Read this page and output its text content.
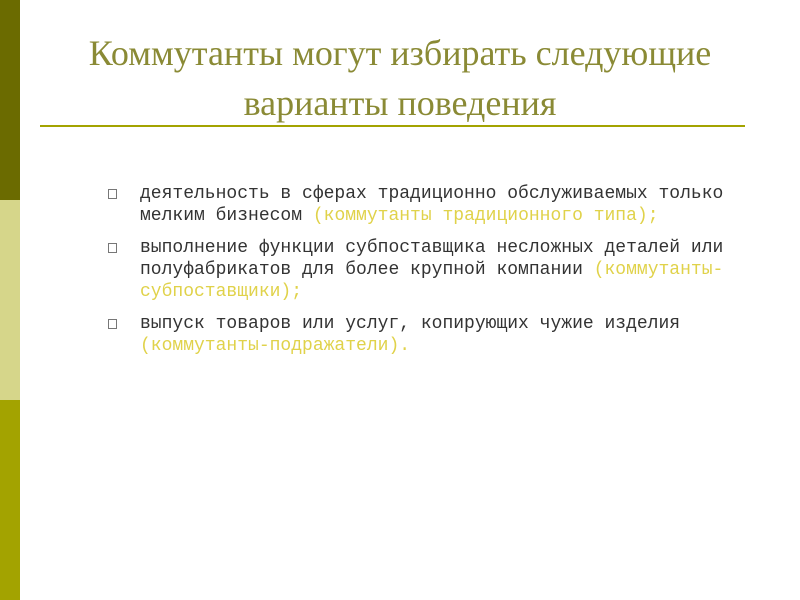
Коммутанты могут избирать следующие
варианты поведения
деятельность в сферах традиционно обслуживаемых только мелким бизнесом (коммутанты традиционного типа);
выполнение функции субпоставщика несложных деталей или полуфабрикатов для более крупной компании (коммутанты-субпоставщики);
выпуск товаров или услуг, копирующих чужие изделия (коммутанты-подражатели).
